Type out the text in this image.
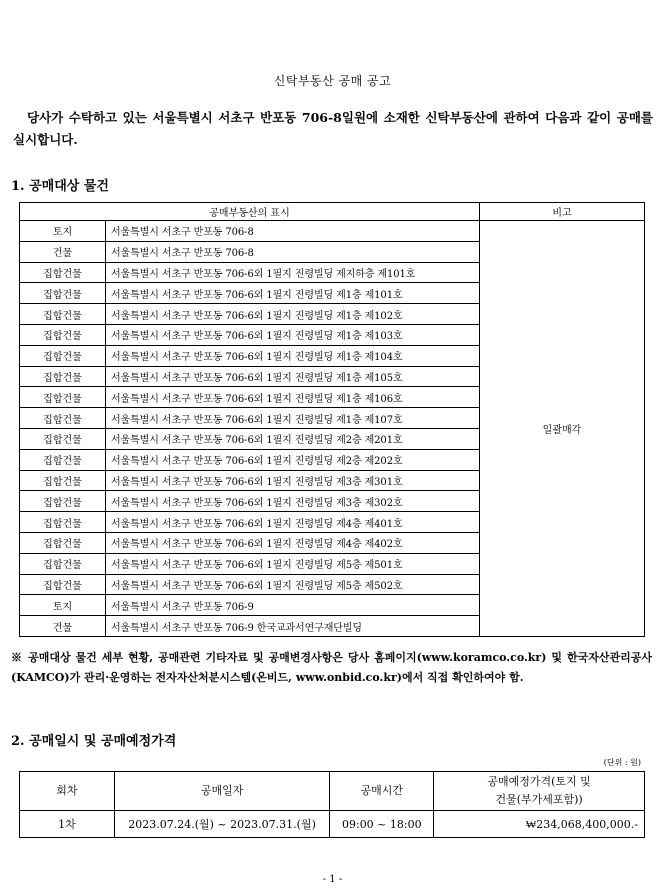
신탁부동산 공매 공고
당사가 수탁하고 있는 서울특별시 서초구 반포동 706-8일원에 소재한 신탁부동산에 관하여 다음과 같이 공매를 실시합니다.
1. 공매대상 물건
공매부동산의 표시		비고
토지	서울특별시 서초구 반포동 706-8	일괄매각
건물	서울특별시 서초구 반포동 706-8	
집합건물	서울특별시 서초구 반포동 706-6외 1필지 진령빌딩 제지하층 제101호	
집합건물	서울특별시 서초구 반포동 706-6외 1필지 진령빌딩 제1층 제101호	
집합건물	서울특별시 서초구 반포동 706-6외 1필지 진령빌딩 제1층 제102호	
집합건물	서울특별시 서초구 반포동 706-6외 1필지 진령빌딩 제1층 제103호	
집합건물	서울특별시 서초구 반포동 706-6외 1필지 진령빌딩 제1층 제104호	
집합건물	서울특별시 서초구 반포동 706-6외 1필지 진령빌딩 제1층 제105호	
집합건물	서울특별시 서초구 반포동 706-6외 1필지 진령빌딩 제1층 제106호	
집합건물	서울특별시 서초구 반포동 706-6외 1필지 진령빌딩 제1층 제107호	
집합건물	서울특별시 서초구 반포동 706-6외 1필지 진령빌딩 제2층 제201호	
집합건물	서울특별시 서초구 반포동 706-6외 1필지 진령빌딩 제2층 제202호	
집합건물	서울특별시 서초구 반포동 706-6외 1필지 진령빌딩 제3층 제301호	
집합건물	서울특별시 서초구 반포동 706-6외 1필지 진령빌딩 제3층 제302호	
집합건물	서울특별시 서초구 반포동 706-6외 1필지 진령빌딩 제4층 제401호	
집합건물	서울특별시 서초구 반포동 706-6외 1필지 진령빌딩 제4층 제402호	
집합건물	서울특별시 서초구 반포동 706-6외 1필지 진령빌딩 제5층 제501호	
집합건물	서울특별시 서초구 반포동 706-6외 1필지 진령빌딩 제5층 제502호	
토지	서울특별시 서초구 반포동 706-9	
건물	서울특별시 서초구 반포동 706-9 한국교과서연구재단빌딩	
※ 공매대상 물건 세부 현황, 공매관련 기타자료 및 공매변경사항은 당사 홈페이지(www.koramco.co.kr) 및 한국자산관리공사(KAMCO)가 관리·운영하는 전자자산처분시스템(온비드, www.onbid.co.kr)에서 직접 확인하여야 함.
2. 공매일시 및 공매예정가격
(단위 : 원)
회차	공매일자	공매시간	공매예정가격(토지 및
건물(부가세포함))
1차	2023.07.24.(월) ~ 2023.07.31.(월)	09:00 ~ 18:00	₩234,068,400,000.-
- 1 -
